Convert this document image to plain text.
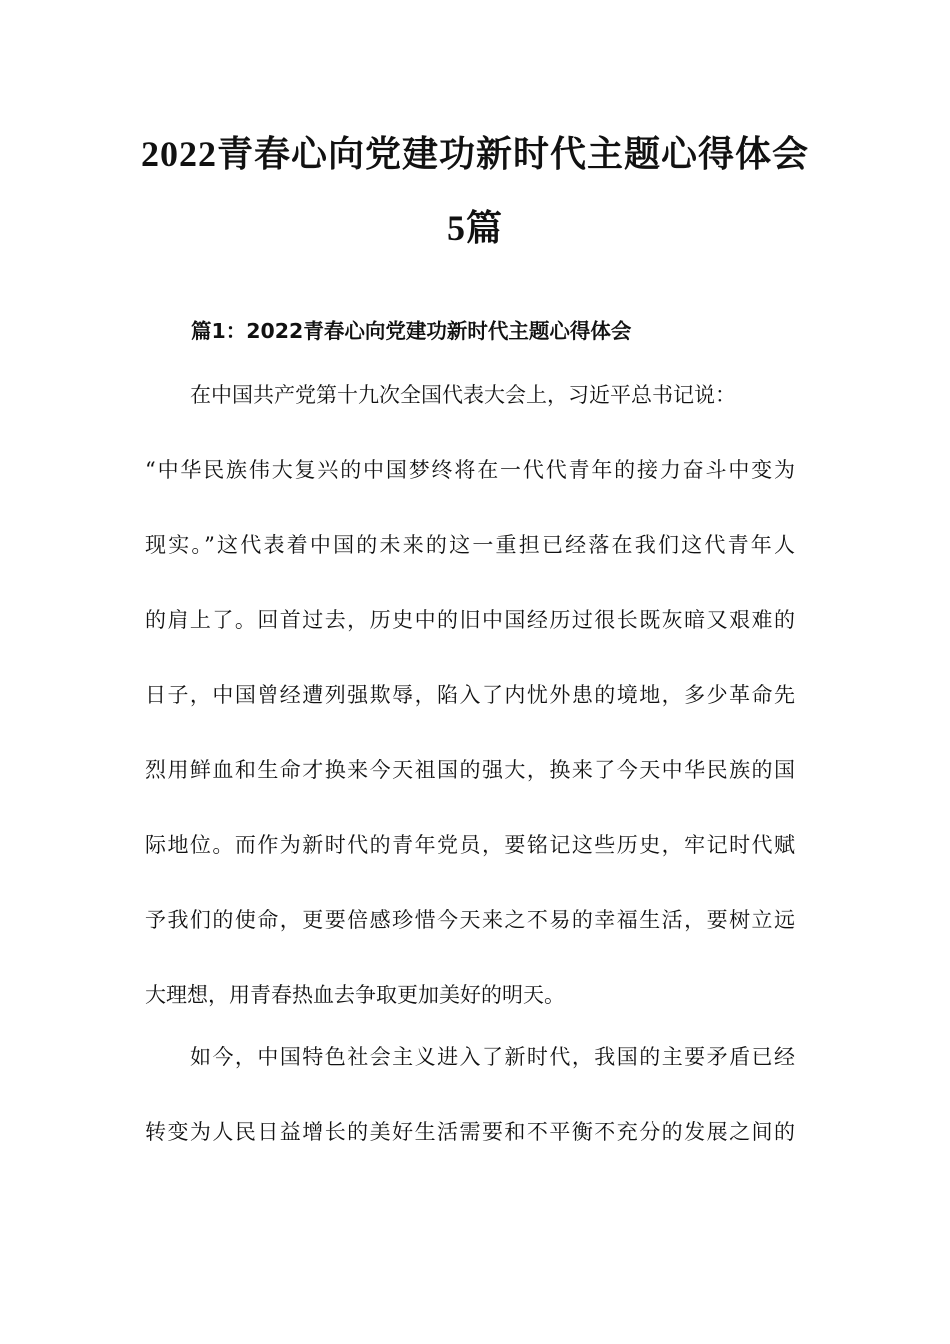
2022青春心向党建功新时代主题心得体会
5篇
篇1：2022青春心向党建功新时代主题心得体会
在中国共产党第十九次全国代表大会上，习近平总书记说：
“中华民族伟大复兴的中国梦终将在一代代青年的接力奋斗中变为
现实。”这代表着中国的未来的这一重担已经落在我们这代青年人
的肩上了。回首过去，历史中的旧中国经历过很长既灰暗又艰难的
日子，中国曾经遭列强欺辱，陷入了内忧外患的境地，多少革命先
烈用鲜血和生命才换来今天祖国的强大，换来了今天中华民族的国
际地位。而作为新时代的青年党员，要铭记这些历史，牢记时代赋
予我们的使命，更要倍感珍惜今天来之不易的幸福生活，要树立远
大理想，用青春热血去争取更加美好的明天。
如今，中国特色社会主义进入了新时代，我国的主要矛盾已经
转变为人民日益增长的美好生活需要和不平衡不充分的发展之间的
